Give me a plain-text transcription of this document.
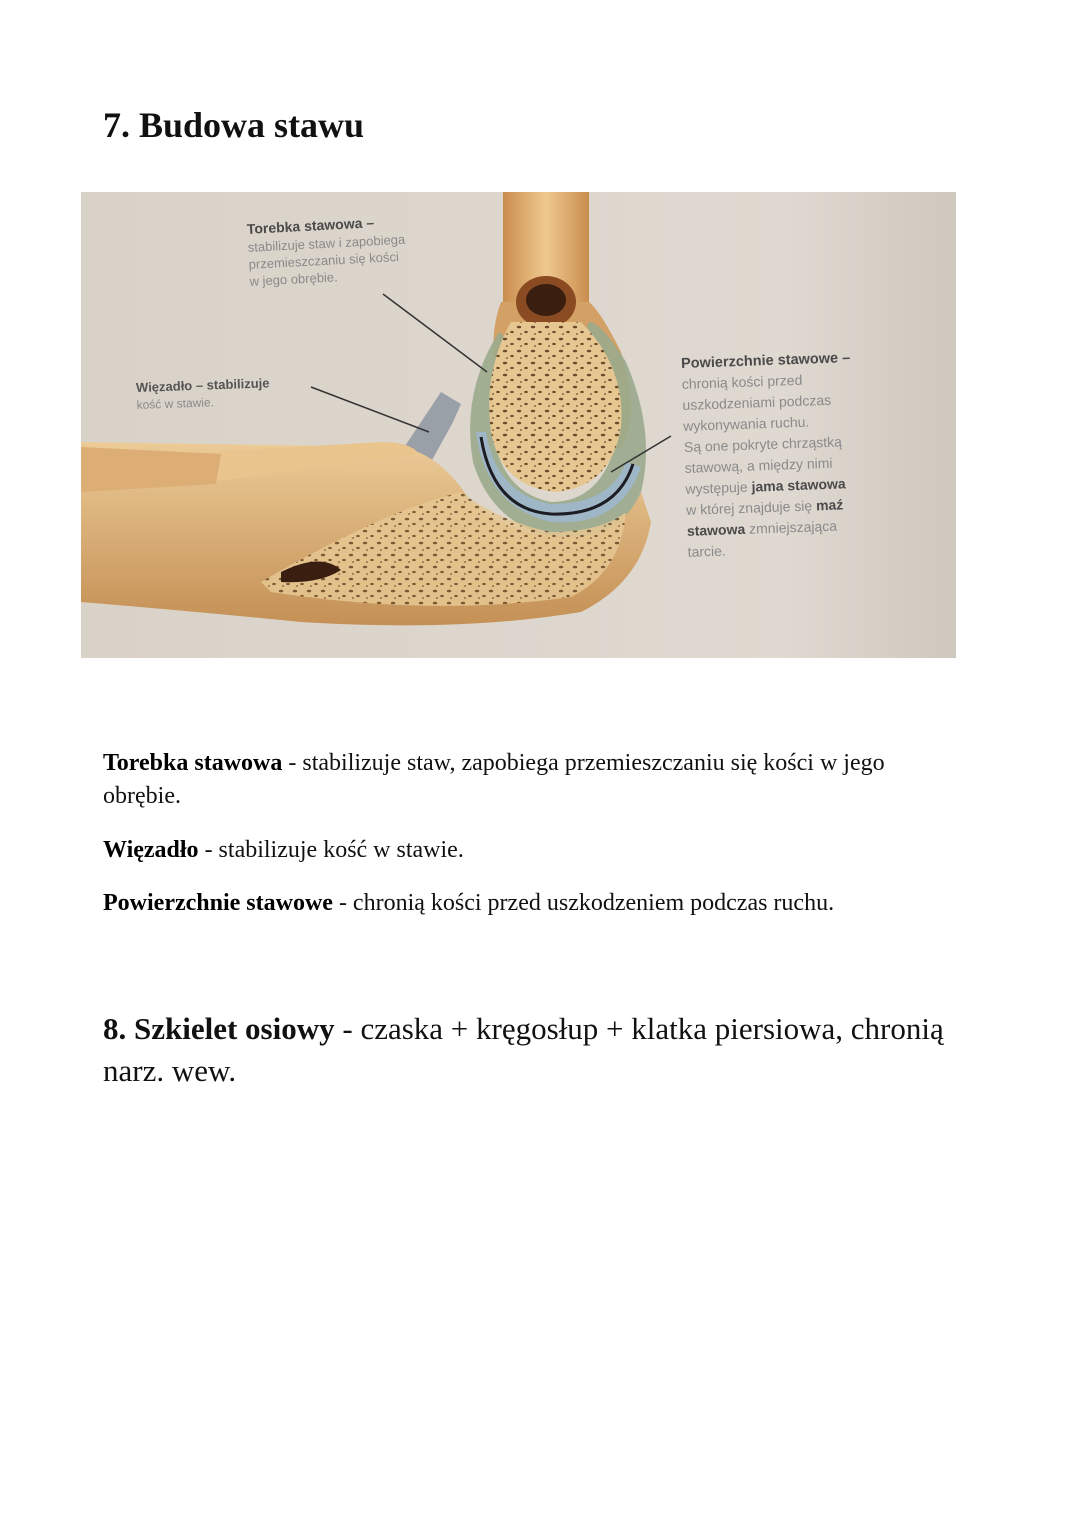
7. Budowa stawu
Torebka stawowa –
stabilizuje staw i zapobiega
przemieszczaniu się kości
w jego obrębie.
Więzadło – stabilizuje
kość w stawie.
Powierzchnie stawowe –
chronią kości przed
uszkodzeniami podczas
wykonywania ruchu.
Są one pokryte chrząstką
stawową, a między nimi
występuje jama stawowa
w której znajduje się maź
stawowa zmniejszająca
tarcie.

Torebka stawowa - stabilizuje staw, zapobiega przemieszczaniu się kości w jego obrębie.

Więzadło - stabilizuje kość w stawie.

Powierzchnie stawowe - chronią kości przed uszkodzeniem podczas ruchu.

8. Szkielet osiowy - czaska + kręgosłup + klatka piersiowa, chronią narz. wew.
